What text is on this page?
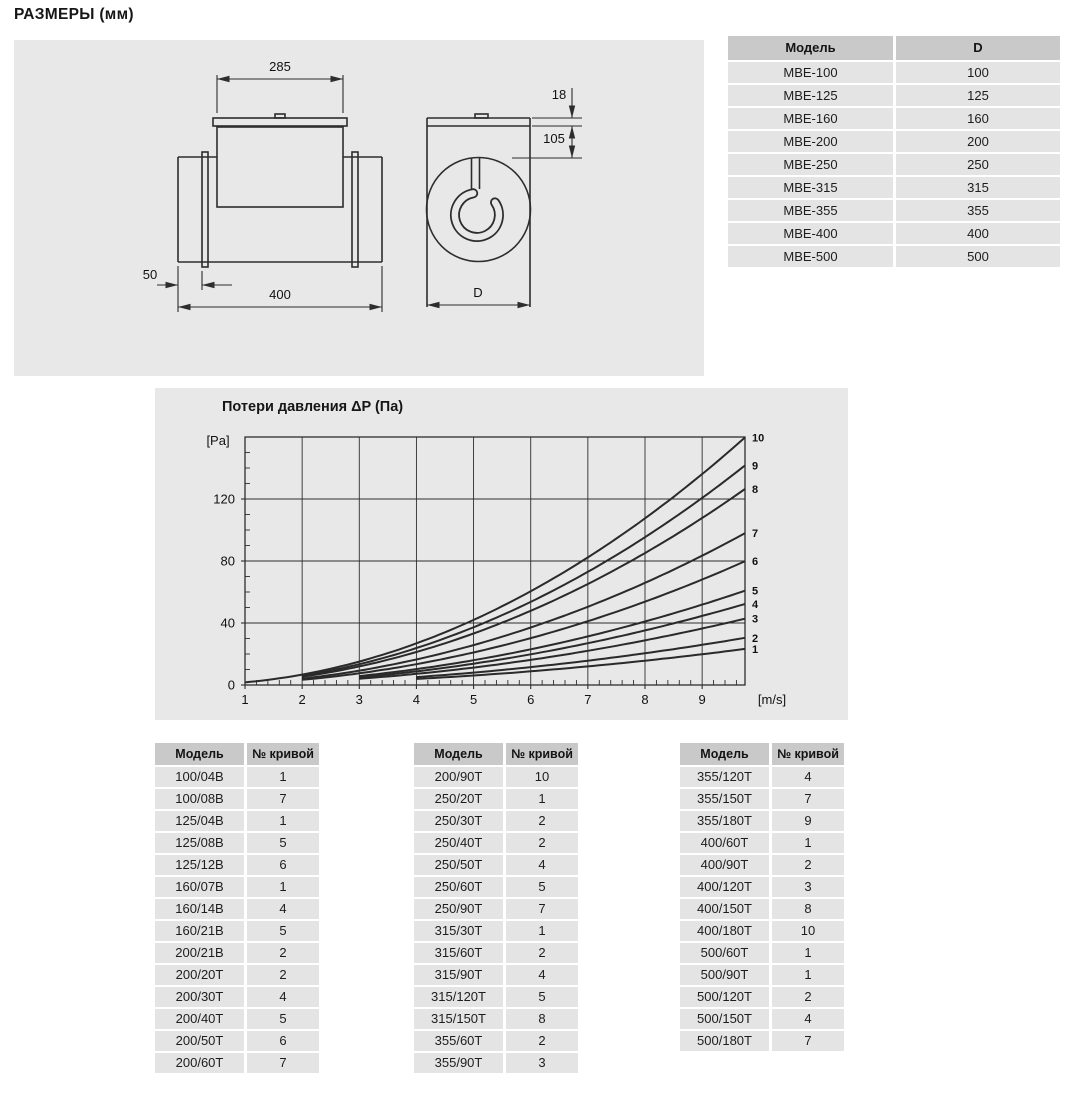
РАЗМЕРЫ (мм)
285
400
50
18
105
D
Модель	D
MBE-100	100
MBE-125	125
MBE-160	160
MBE-200	200
MBE-250	250
MBE-315	315
MBE-355	355
MBE-400	400
MBE-500	500
Потери давления ΔP (Па)
1	2	3	4	5	6	7	8	9
0
40
80
120
[m/s]
[Pa]
1
2
3
4
5
6
7
8
9
10
Модель	№ кривой
100/04В	1
100/08В	7
125/04В	1
125/08В	5
125/12В	6
160/07В	1
160/14В	4
160/21В	5
200/21В	2
200/20Т	2
200/30Т	4
200/40Т	5
200/50Т	6
200/60Т	7
Модель	№ кривой
200/90Т	10
250/20Т	1
250/30Т	2
250/40Т	2
250/50Т	4
250/60Т	5
250/90Т	7
315/30Т	1
315/60Т	2
315/90Т	4
315/120Т	5
315/150Т	8
355/60Т	2
355/90Т	3
Модель	№ кривой
355/120Т	4
355/150Т	7
355/180Т	9
400/60Т	1
400/90Т	2
400/120Т	3
400/150Т	8
400/180Т	10
500/60Т	1
500/90Т	1
500/120Т	2
500/150Т	4
500/180Т	7
